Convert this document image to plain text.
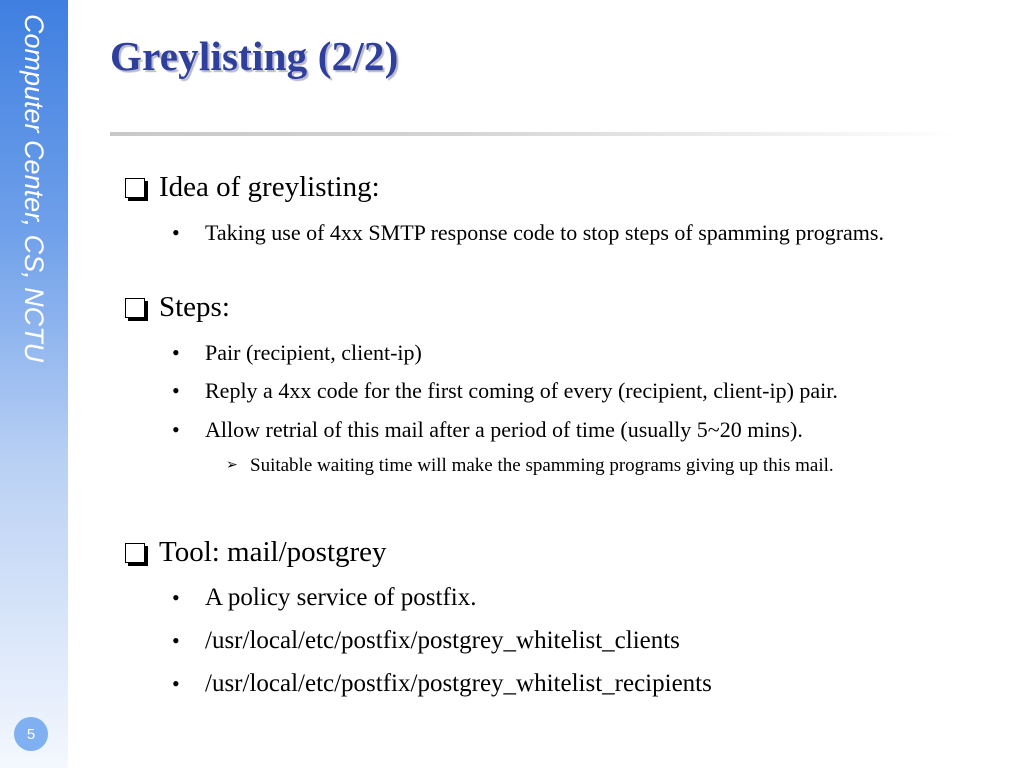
Computer Center, CS, NCTU
5
Greylisting (2/2)
Idea of greylisting:
•	Taking use of 4xx SMTP response code to stop steps of spamming programs.
Steps:
•	Pair (recipient, client-ip)
•	Reply a 4xx code for the first coming of every (recipient, client-ip) pair.
•	Allow retrial of this mail after a period of time (usually 5~20 mins).
➢ Suitable waiting time will make the spamming programs giving up this mail.
Tool: mail/postgrey
•	A policy service of postfix.
•	/usr/local/etc/postfix/postgrey_whitelist_clients
•	/usr/local/etc/postfix/postgrey_whitelist_recipients
